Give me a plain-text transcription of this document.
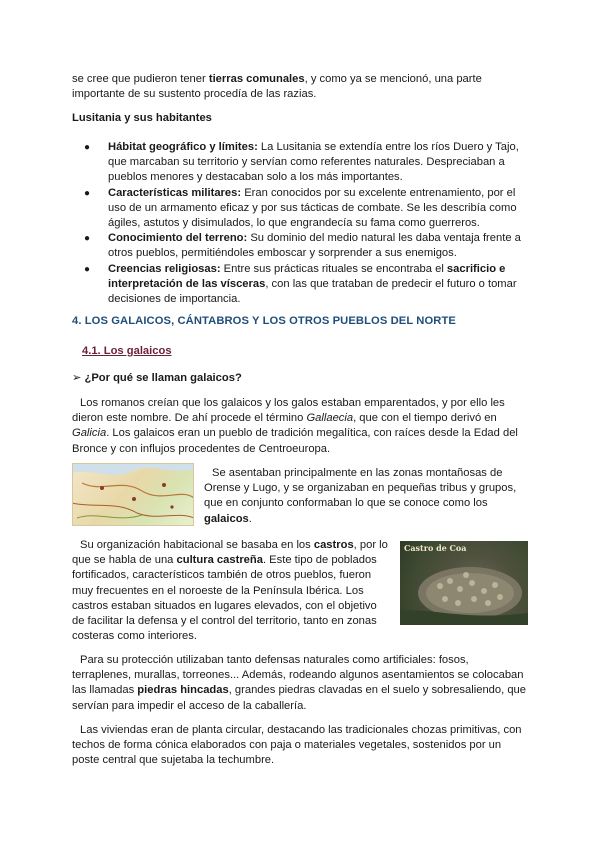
se cree que pudieron tener tierras comunales, y como ya se mencionó, una parte importante de su sustento procedía de las razias.

Lusitania y sus habitantes
● Hábitat geográfico y límites: La Lusitania se extendía entre los ríos Duero y Tajo, que marcaban su territorio y servían como referentes naturales. Despreciaban a pueblos menores y destacaban solo a los más importantes.
● Características militares: Eran conocidos por su excelente entrenamiento, por el uso de un armamento eficaz y por sus tácticas de combate. Se les describía como ágiles, astutos y disimulados, lo que engrandecía su fama como guerreros.
● Conocimiento del terreno: Su dominio del medio natural les daba ventaja frente a otros pueblos, permitiéndoles emboscar y sorprender a sus enemigos.
● Creencias religiosas: Entre sus prácticas rituales se encontraba el sacrificio e interpretación de las vísceras, con las que trataban de predecir el futuro o tomar decisiones de importancia.
4. LOS GALAICOS, CÁNTABROS Y LOS OTROS PUEBLOS DEL NORTE
4.1. Los galaicos
➢ ¿Por qué se llaman galaicos?

Los romanos creían que los galaicos y los galos estaban emparentados, y por ello les dieron este nombre. De ahí procede el término Gallaecia, que con el tiempo derivó en Galicia. Los galaicos eran un pueblo de tradición megalítica, con raíces desde la Edad del Bronce y con influjos procedentes de Centroeuropa.

Se asentaban principalmente en las zonas montañosas de Orense y Lugo, y se organizaban en pequeñas tribus y grupos, que en conjunto conformaban lo que se conoce como los galaicos.

Su organización habitacional se basaba en los castros, por lo que se habla de una cultura castreña. Este tipo de poblados fortificados, característicos también de otros pueblos, fueron muy frecuentes en el noroeste de la Península Ibérica. Los castros estaban situados en lugares elevados, con el objetivo de facilitar la defensa y el control del territorio, tanto en zonas costeras como interiores.

Castro de Coa

Para su protección utilizaban tanto defensas naturales como artificiales: fosos, terraplenes, murallas, torreones... Además, rodeando algunos asentamientos se colocaban las llamadas piedras hincadas, grandes piedras clavadas en el suelo y sobresaliendo, que servían para impedir el acceso de la caballería.

Las viviendas eran de planta circular, destacando las tradicionales chozas primitivas, con techos de forma cónica elaborados con paja o materiales vegetales, sostenidos por un poste central que sujetaba la techumbre.
